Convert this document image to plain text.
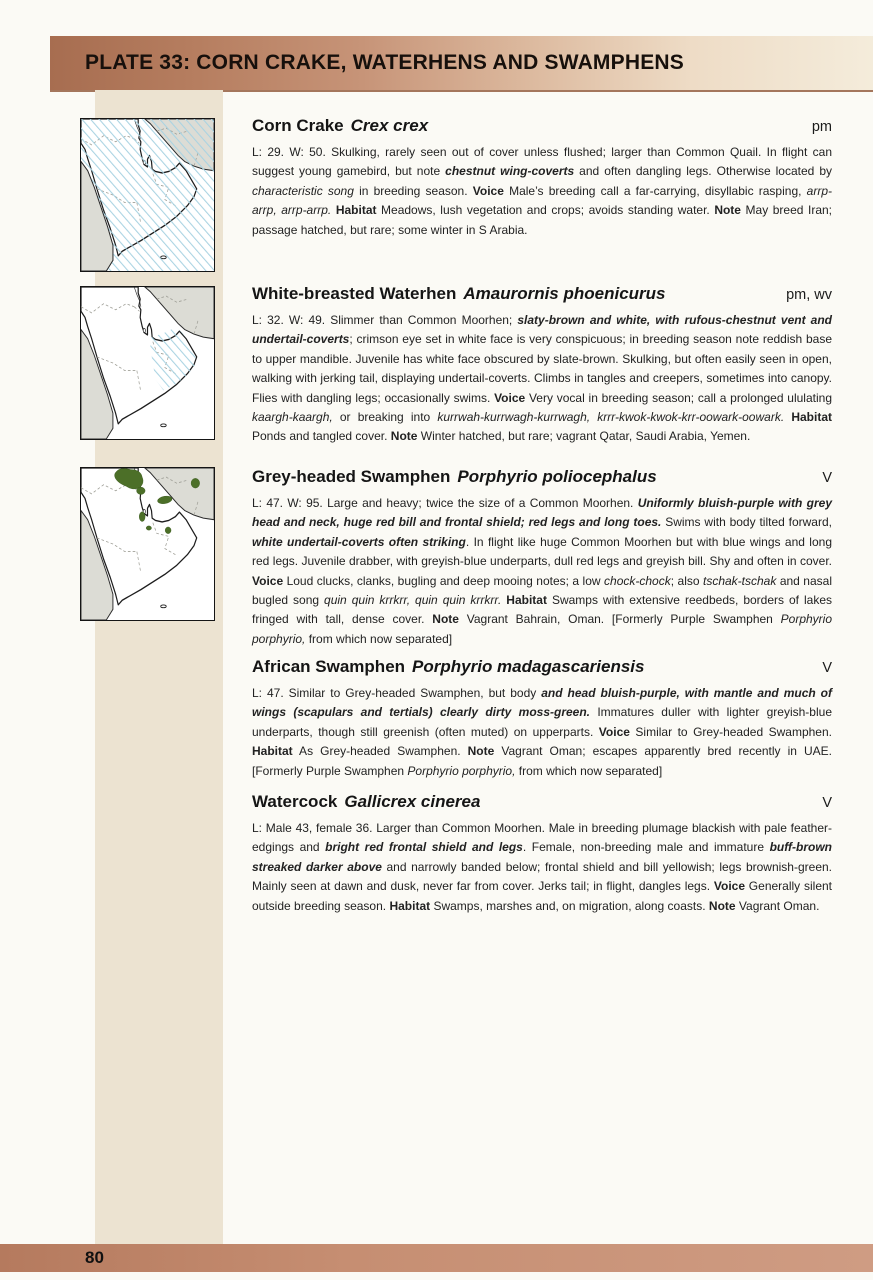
PLATE 33: CORN CRAKE, WATERHENS AND SWAMPHENS
Corn Crake Crex crex	pm

L: 29. W: 50. Skulking, rarely seen out of cover unless flushed; larger than Common Quail. In flight can suggest young gamebird, but note chestnut wing-coverts and often dangling legs. Otherwise located by characteristic song in breeding season. Voice Male’s breeding call a far-carrying, disyllabic rasping, arrp-arrp, arrp-arrp. Habitat Meadows, lush vegetation and crops; avoids standing water. Note May breed Iran; passage hatched, but rare; some winter in S Arabia.

White-breasted Waterhen Amaurornis phoenicurus	pm, wv

L: 32. W: 49. Slimmer than Common Moorhen; slaty-brown and white, with rufous-chestnut vent and undertail-coverts; crimson eye set in white face is very conspicuous; in breeding season note reddish base to upper mandible. Juvenile has white face obscured by slate-brown. Skulking, but often easily seen in open, walking with jerking tail, displaying undertail-coverts. Climbs in tangles and creepers, sometimes into canopy. Flies with dangling legs; occasionally swims. Voice Very vocal in breeding season; call a prolonged ululating kaargh-kaargh, or breaking into kurrwah-kurrwagh-kurrwagh, krrr-kwok-kwok-krr-oowark-oowark. Habitat Ponds and tangled cover. Note Winter hatched, but rare; vagrant Qatar, Saudi Arabia, Yemen.

Grey-headed Swamphen Porphyrio poliocephalus	V

L: 47. W: 95. Large and heavy; twice the size of a Common Moorhen. Uniformly bluish-purple with grey head and neck, huge red bill and frontal shield; red legs and long toes. Swims with body tilted forward, white undertail-coverts often striking. In flight like huge Common Moorhen but with blue wings and long red legs. Juvenile drabber, with greyish-blue underparts, dull red legs and greyish bill. Shy and often in cover. Voice Loud clucks, clanks, bugling and deep mooing notes; a low chock-chock; also tschak-tschak and nasal bugled song quin quin krrkrr, quin quin krrkrr. Habitat Swamps with extensive reedbeds, borders of lakes fringed with tall, dense cover. Note Vagrant Bahrain, Oman. [Formerly Purple Swamphen Porphyrio porphyrio, from which now separated]

African Swamphen Porphyrio madagascariensis	V

L: 47. Similar to Grey-headed Swamphen, but body and head bluish-purple, with mantle and much of wings (scapulars and tertials) clearly dirty moss-green. Immatures duller with lighter greyish-blue underparts, though still greenish (often muted) on upperparts. Voice Similar to Grey-headed Swamphen. Habitat As Grey-headed Swamphen. Note Vagrant Oman; escapes apparently bred recently in UAE. [Formerly Purple Swamphen Porphyrio porphyrio, from which now separated]

Watercock Gallicrex cinerea	V

L: Male 43, female 36. Larger than Common Moorhen. Male in breeding plumage blackish with pale feather-edgings and bright red frontal shield and legs. Female, non-breeding male and immature buff-brown streaked darker above and narrowly banded below; frontal shield and bill yellowish; legs brownish-green. Mainly seen at dawn and dusk, never far from cover. Jerks tail; in flight, dangles legs. Voice Generally silent outside breeding season. Habitat Swamps, marshes and, on migration, along coasts. Note Vagrant Oman.

80
